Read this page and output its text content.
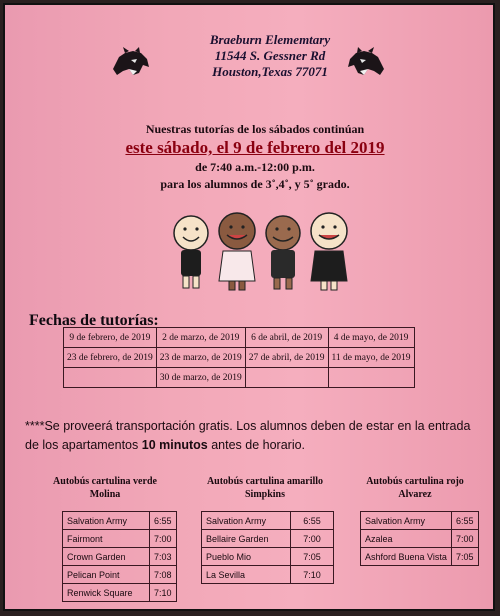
Braeburn Elememtary
11544 S. Gessner Rd
Houston,Texas 77071
Nuestras tutorías de los sábados continúan
este sábado, el 9 de febrero del 2019
de 7:40 a.m.-12:00 p.m.
para los alumnos de 3˚,4˚, y 5˚ grado.
Fechas de tutorías:
9 de febrero, de 2019	2 de marzo, de 2019	6 de abril, de 2019	4 de mayo, de 2019
23 de febrero, de 2019	23 de marzo, de 2019	27 de abril, de 2019	11 de mayo, de 2019
	30 de marzo, de 2019		
****Se proveerá transportación gratis. Los alumnos deben de estar en la entrada de los apartamentos 10 minutos antes de horario.
Autobús cartulina verde
Molina
Autobús cartulina amarillo
Simpkins
Autobús cartulina rojo
Alvarez
Salvation Army	6:55
Fairmont	7:00
Crown Garden	7:03
Pelican Point	7:08
Renwick Square	7:10
Salvation Army	6:55
Bellaire Garden	7:00
Pueblo Mio	7:05
La Sevilla	7:10
Salvation Army	6:55
Azalea	7:00
Ashford Buena Vista	7:05
